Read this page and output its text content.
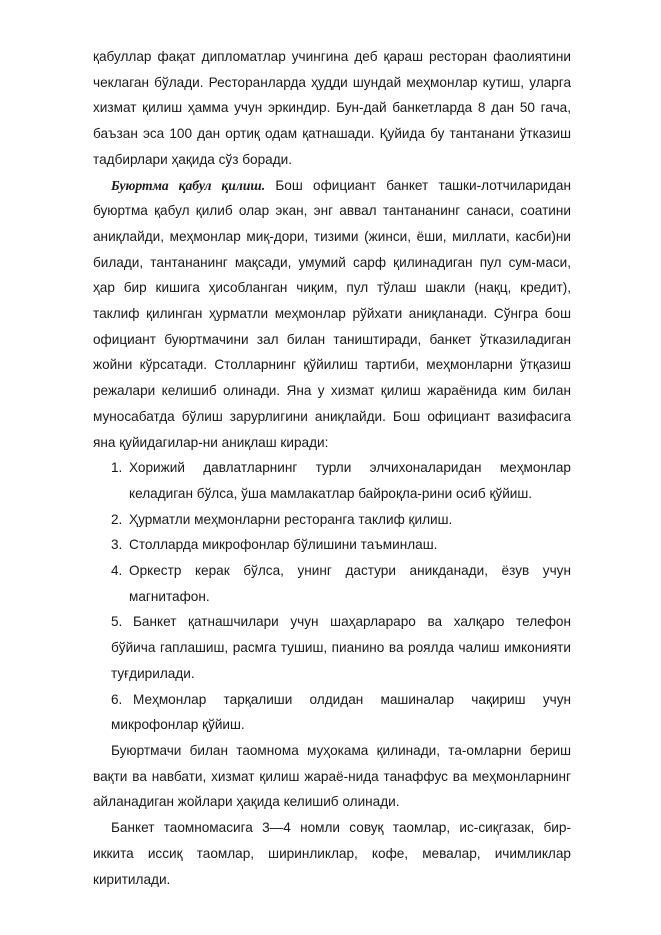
қабуллар фақат дипломатлар учингина деб қараш ресторан фаолиятини чеклаган бўлади. Ресторанларда ҳудди шундай меҳмонлар кутиш, уларга хизмат қилиш ҳамма учун эркиндир. Бун-дай банкетларда 8 дан 50 гача, баъзан эса 100 дан ортиқ одам қатнашади. Қуйида бу тантанани ўтказиш тадбирлари ҳақида сўз боради.

Буюртма қабул қилиш. Бош официант банкет ташки-лотчиларидан буюртма қабул қилиб олар экан, энг аввал тантананинг санаси, соатини аниқлайди, меҳмонлар миқ-дори, тизими (жинси, ёши, миллати, касби)ни билади, тантананинг мақсади, умумий сарф қилинадиган пул сум-маси, ҳар бир кишига ҳисобланган чиқим, пул тўлаш шакли (нақц, кредит), таклиф қилинган ҳурматли меҳмонлар рўйхати аниқланади. Сўнгра бош официант буюртмачини зал билан таништиради, банкет ўтказиладиган жойни кўрсатади. Столларнинг қўйилиш тартиби, меҳмонларни ўтқазиш режалари келишиб олинади. Яна у хизмат қилиш жараёнида ким билан муносабатда бўлиш зарурлигини аниқлайди. Бош официант вазифасига яна қуйидагилар-ни аниқлаш киради:

1. Хорижий давлатларнинг турли элчихоналаридан меҳмонлар келадиган бўлса, ўша мамлакатлар байроқла-рини осиб қўйиш.
2. Ҳурматли меҳмонларни ресторанга таклиф қилиш.
3. Столларда микрофонлар бўлишини таъминлаш.
4. Оркестр керак бўлса, унинг дастури аникданади, ёзув учун магнитафон.

5. Банкет қатнашчилари учун шаҳарлараро ва халқаро телефон бўйича гаплашиш, расмга тушиш, пианино ва роялда чалиш имконияти туғдирилади.

6. Меҳмонлар тарқалиши олдидан машиналар чақириш учун микрофонлар қўйиш.

Буюртмачи билан таомнома муҳокама қилинади, та-омларни бериш вақти ва навбати, хизмат қилиш жараё-нида танаффус ва меҳмонларнинг айланадиган жойлари ҳақида келишиб олинади.

Банкет таомномасига 3—4 номли совуқ таомлар, ис-сиқгазак, бир-иккита иссиқ таомлар, ширинликлар, кофе, мевалар, ичимликлар киритилади.
